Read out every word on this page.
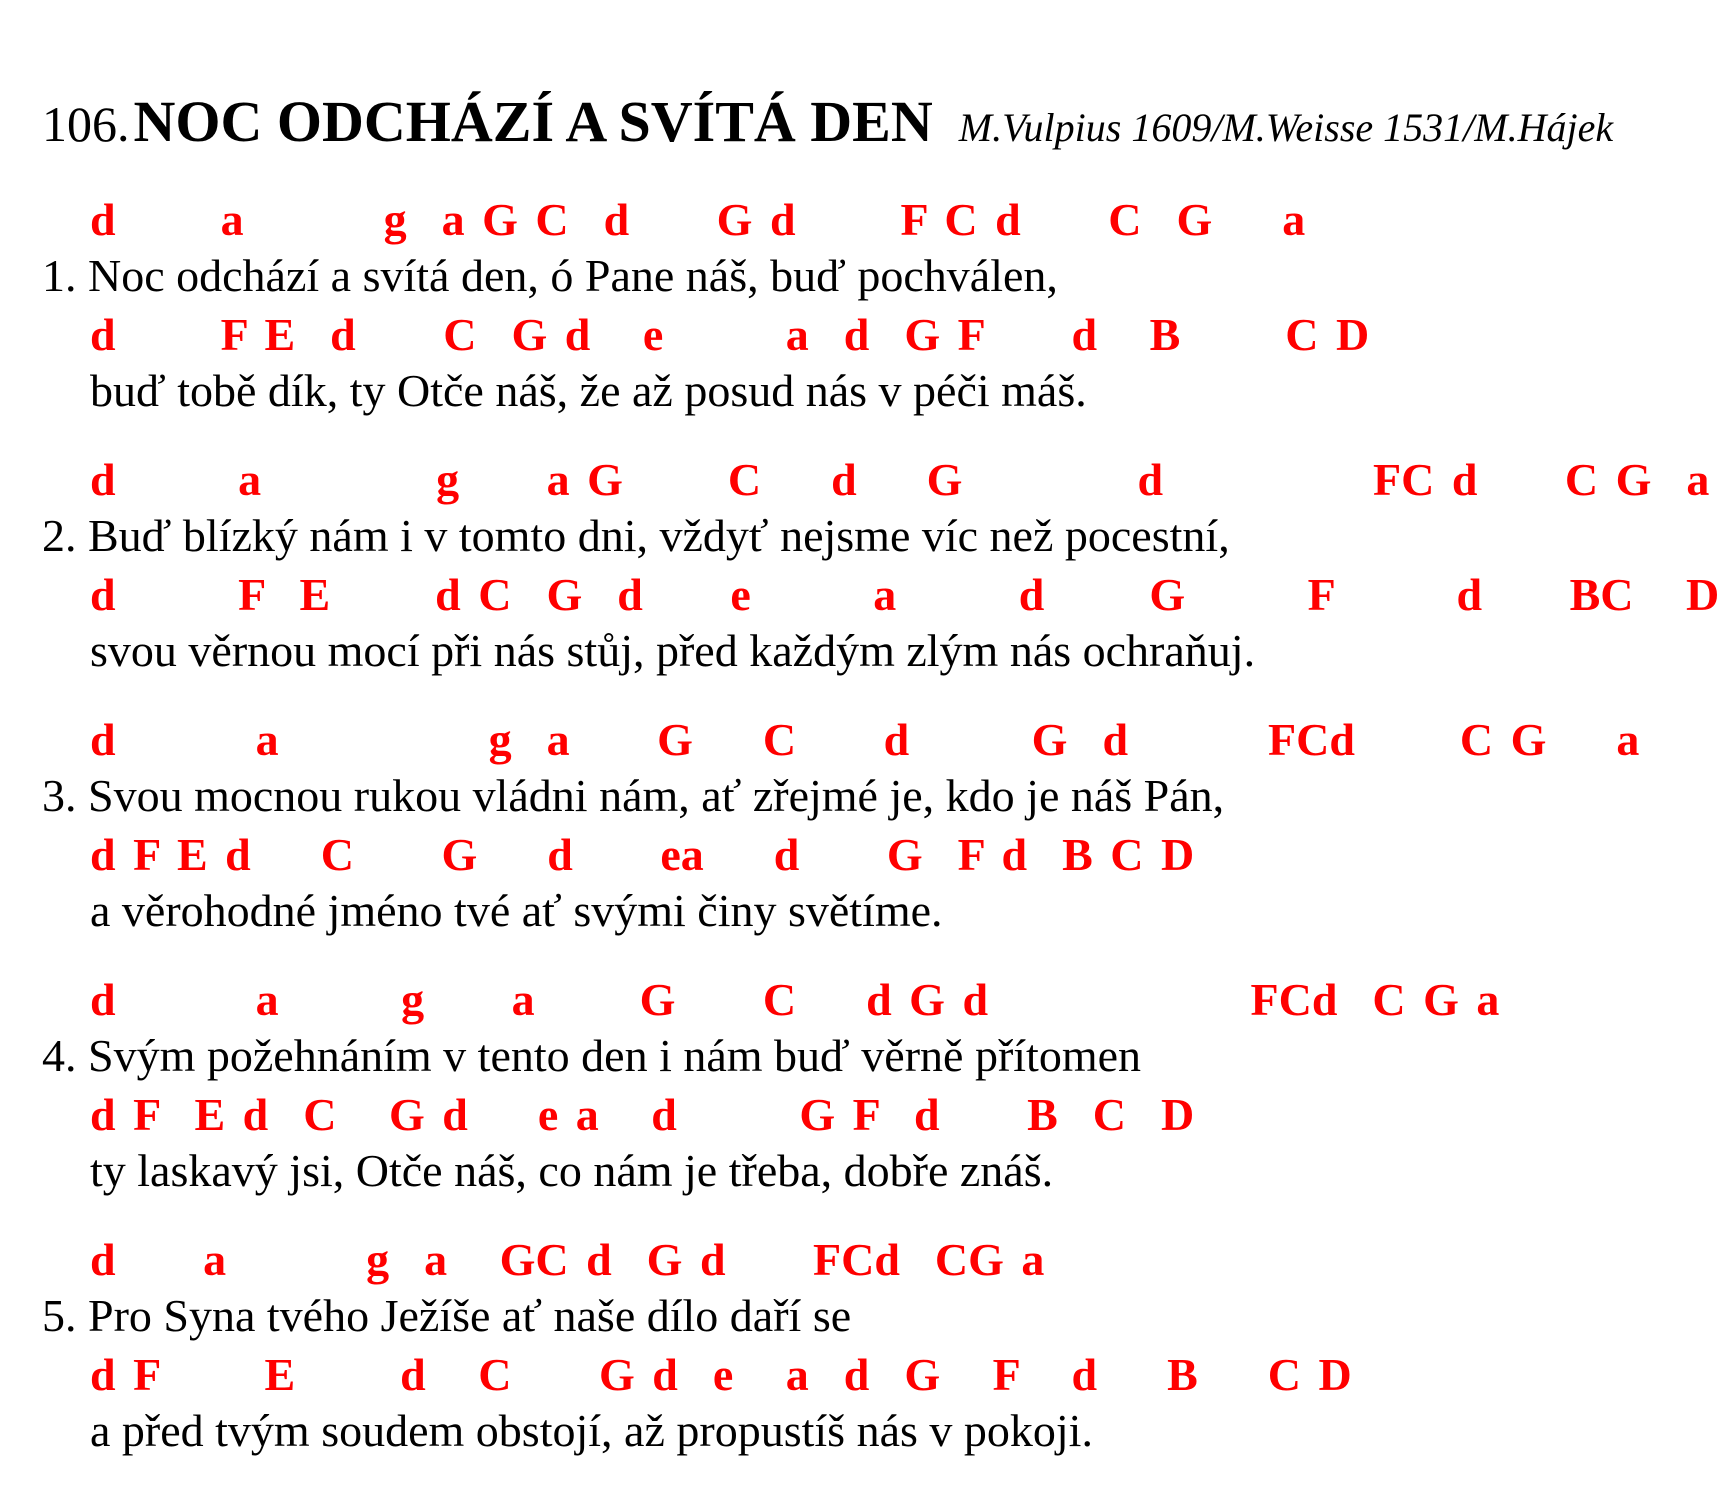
106. NOC ODCHÁZÍ A SVÍTÁ DEN M.Vulpius 1609/M.Weisse 1531/M.Hájek
d      a        g  a G C  d     G d      F C d     C  G    a
1. Noc odchází a svítá den, ó Pane náš, buď pochválen,
d      F E  d     C  G d   e       a  d  G F     d   B      C D
buď tobě dík, ty Otče náš, že až posud nás v péči máš.
d       a          g     a G      C    d    G          d            FC d     C G  a
2. Buď blízký nám i v tomto dni, vždyť nejsme víc než pocestní,
d       F  E      d C  G  d     e       a       d      G       F       d     BC   D
svou věrnou mocí při nás stůj, před každým zlým nás ochraňuj.
d        a            g  a     G    C     d       G  d        FCd      C G    a
3. Svou mocnou rukou vládni nám, ať zřejmé je, kdo je náš Pán,
d F E d    C     G    d     ea    d     G  F d  B C D
a věrohodné jméno tvé ať svými činy světíme.
d        a       g     a      G     C    d G d               FCd  C G a
4. Svým požehnáním v tento den i nám buď věrně přítomen
d F  E d  C   G d    e a   d       G F  d     B  C  D
ty laskavý jsi, Otče náš, co nám je třeba, dobře znáš.
d     a        g  a   GC d  G d     FCd  CG a
5. Pro Syna tvého Ježíše ať naše dílo daří se
d F      E      d   C     G d  e   a  d  G   F   d    B    C D
a před tvým soudem obstojí, až propustíš nás v pokoji.
